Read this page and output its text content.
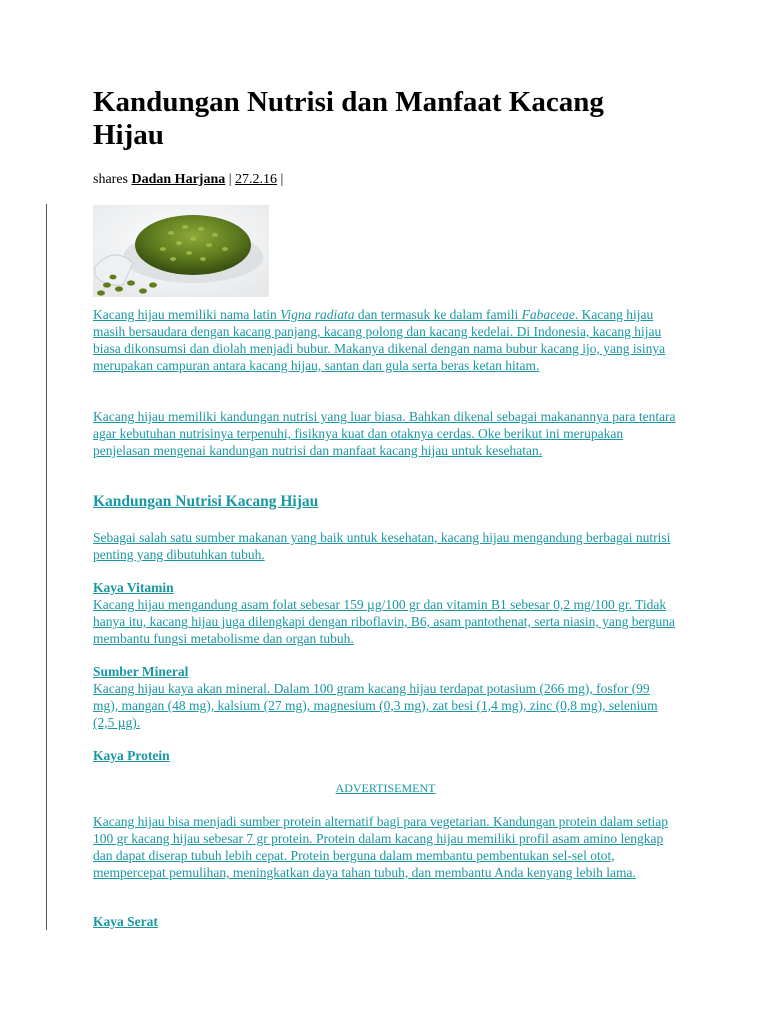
Kandungan Nutrisi dan Manfaat Kacang Hijau
shares Dadan Harjana | 27.2.16 |

Kacang hijau memiliki nama latin Vigna radiata dan termasuk ke dalam famili Fabaceae. Kacang hijau masih bersaudara dengan kacang panjang, kacang polong dan kacang kedelai. Di Indonesia, kacang hijau biasa dikonsumsi dan diolah menjadi bubur. Makanya dikenal dengan nama bubur kacang ijo, yang isinya merupakan campuran antara kacang hijau, santan dan gula serta beras ketan hitam.

Kacang hijau memiliki kandungan nutrisi yang luar biasa. Bahkan dikenal sebagai makanannya para tentara agar kebutuhan nutrisinya terpenuhi, fisiknya kuat dan otaknya cerdas. Oke berikut ini merupakan penjelasan mengenai kandungan nutrisi dan manfaat kacang hijau untuk kesehatan.

Kandungan Nutrisi Kacang Hijau

Sebagai salah satu sumber makanan yang baik untuk kesehatan, kacang hijau mengandung berbagai nutrisi penting yang dibutuhkan tubuh.

Kaya Vitamin

Kacang hijau mengandung asam folat sebesar 159 µg/100 gr dan vitamin B1 sebesar 0,2 mg/100 gr. Tidak hanya itu, kacang hijau juga dilengkapi dengan riboflavin, B6, asam pantothenat, serta niasin, yang berguna membantu fungsi metabolisme dan organ tubuh.

Sumber Mineral

Kacang hijau kaya akan mineral. Dalam 100 gram kacang hijau terdapat potasium (266 mg), fosfor (99 mg), mangan (48 mg), kalsium (27 mg), magnesium (0,3 mg), zat besi (1,4 mg), zinc (0,8 mg), selenium (2,5 µg).

Kaya Protein
ADVERTISEMENT

Kacang hijau bisa menjadi sumber protein alternatif bagi para vegetarian. Kandungan protein dalam setiap 100 gr kacang hijau sebesar 7 gr protein. Protein dalam kacang hijau memiliki profil asam amino lengkap dan dapat diserap tubuh lebih cepat. Protein berguna dalam membantu pembentukan sel-sel otot, mempercepat pemulihan, meningkatkan daya tahan tubuh, dan membantu Anda kenyang lebih lama.

Kaya Serat
